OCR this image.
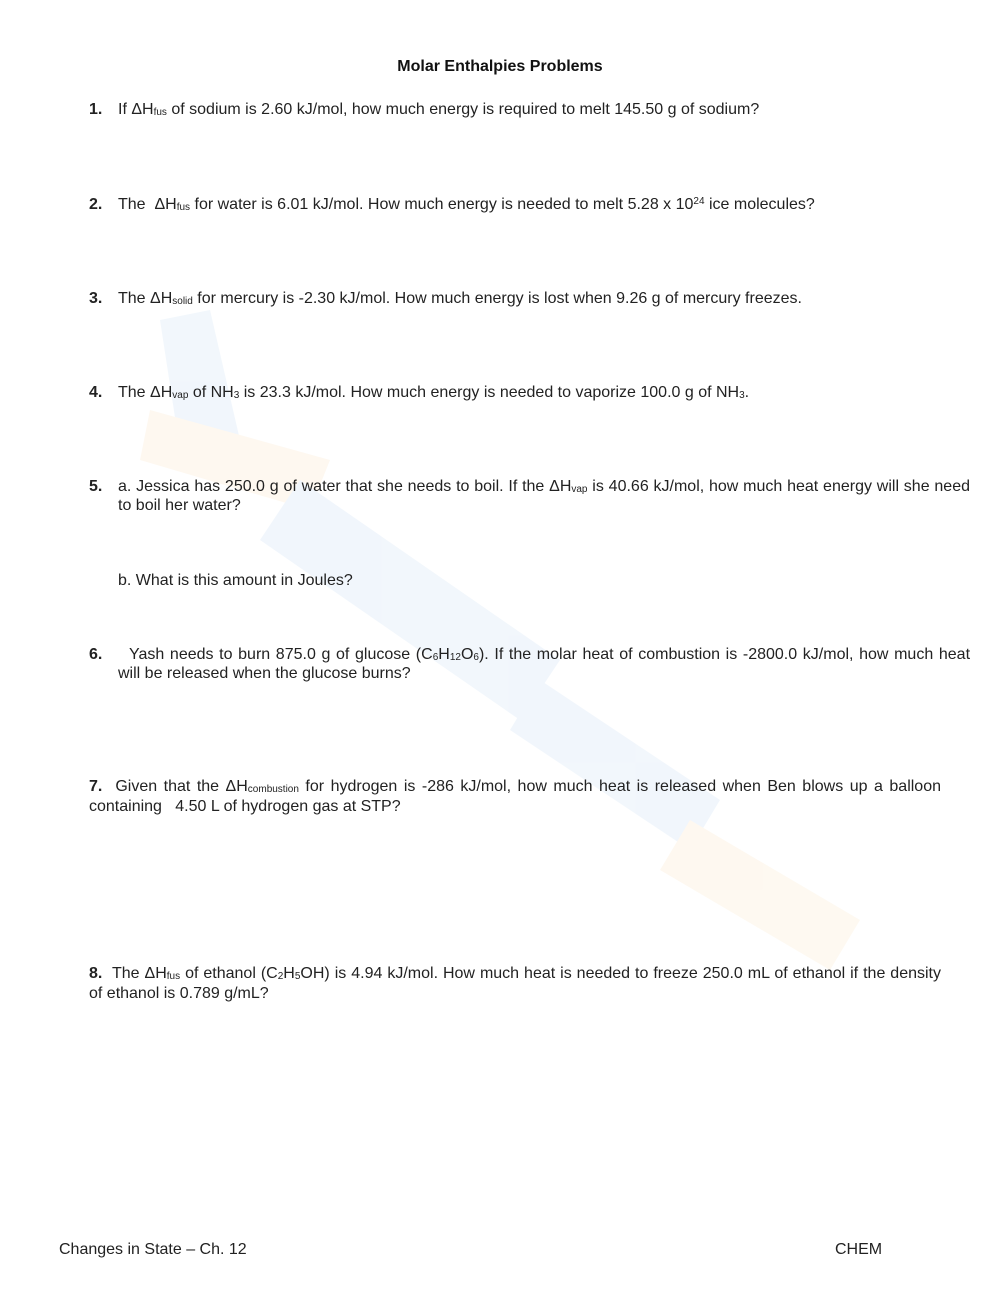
Molar Enthalpies Problems
1. If $\Delta H_{fus}$ of sodium is 2.60 kJ/mol, how much energy is required to melt 145.50 g of sodium?
2. The  $\Delta H_{fus}$ for water is 6.01 kJ/mol. How much energy is needed to melt 5.28 x $10^{24}$ ice molecules?
3. The $\Delta H_{solid}$ for mercury is -2.30 kJ/mol. How much energy is lost when 9.26 g of mercury freezes.
4. The $\Delta H_{vap}$ of $NH_3$ is 23.3 kJ/mol. How much energy is needed to vaporize 100.0 g of $NH_3$.
5. a. Jessica has 250.0 g of water that she needs to boil. If the $\Delta H_{vap}$ is 40.66 kJ/mol, how much heat energy will she need to boil her water?
b. What is this amount in Joules?
6.  Yash needs to burn 875.0 g of glucose $(C_6H_{12}O_6)$. If the molar heat of combustion is -2800.0 kJ/mol, how much heat will be released when the glucose burns?
7.  Given that the $\Delta H_{combustion}$ for hydrogen is -286 kJ/mol, how much heat is released when Ben blows up a balloon containing   4.50 L of hydrogen gas at STP?
8.  The $\Delta H_{fus}$ of ethanol $(C_2H_5OH)$ is 4.94 kJ/mol. How much heat is needed to freeze 250.0 mL of ethanol if the density of ethanol is 0.789 g/mL?
Changes in State – Ch. 12	CHEM
